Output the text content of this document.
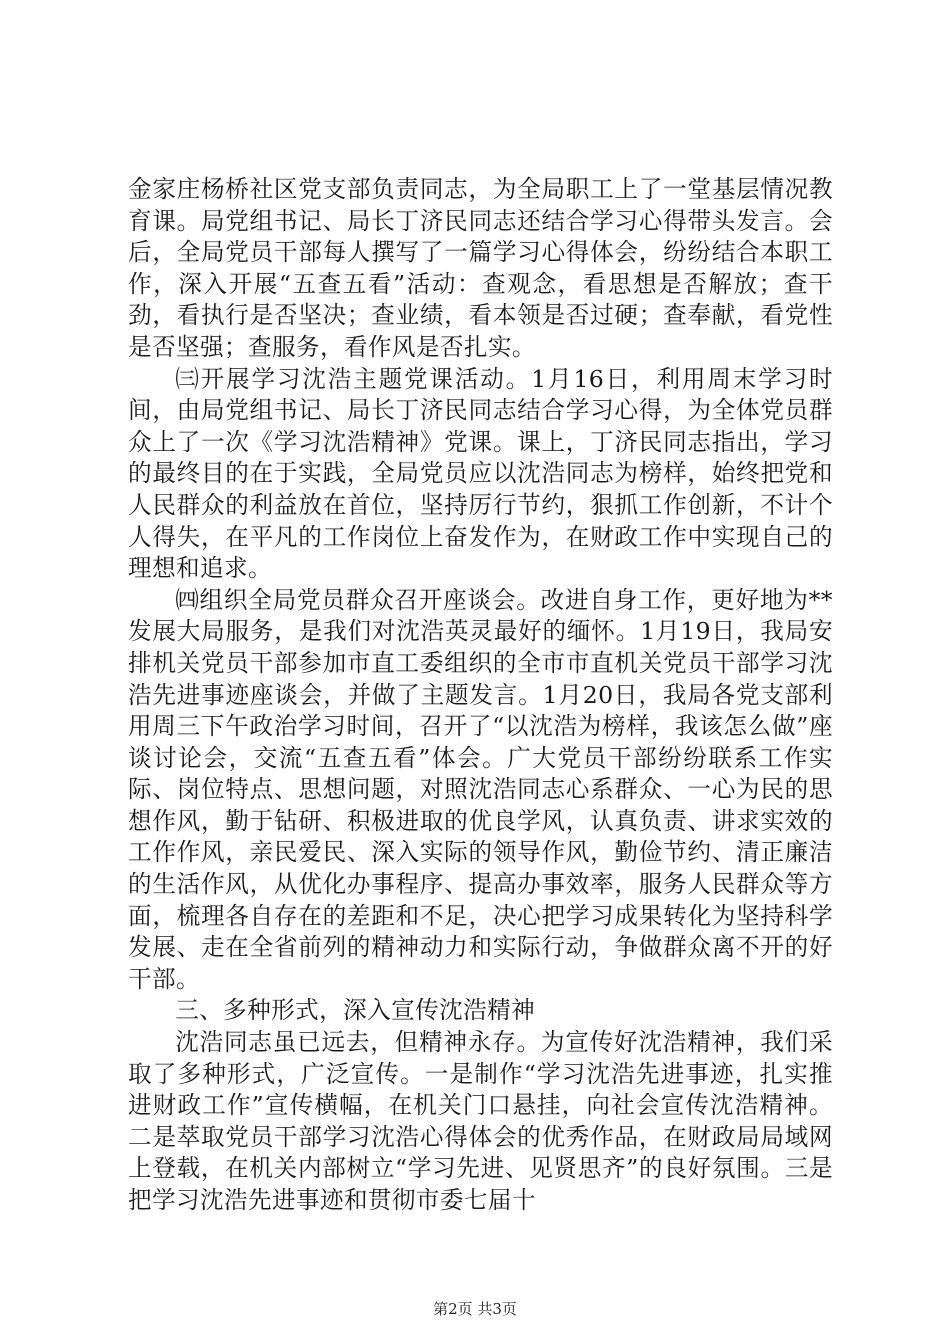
金家庄杨桥社区党支部负责同志，为全局职工上了一堂基层情况教育课。局党组书记、局长丁济民同志还结合学习心得带头发言。会后，全局党员干部每人撰写了一篇学习心得体会，纷纷结合本职工作，深入开展“五查五看”活动：查观念，看思想是否解放；查干劲，看执行是否坚决；查业绩，看本领是否过硬；查奉献，看党性是否坚强；查服务，看作风是否扎实。

㈢开展学习沈浩主题党课活动。1月16日，利用周末学习时间，由局党组书记、局长丁济民同志结合学习心得，为全体党员群众上了一次《学习沈浩精神》党课。课上，丁济民同志指出，学习的最终目的在于实践，全局党员应以沈浩同志为榜样，始终把党和人民群众的利益放在首位，坚持厉行节约，狠抓工作创新，不计个人得失，在平凡的工作岗位上奋发作为，在财政工作中实现自己的理想和追求。

㈣组织全局党员群众召开座谈会。改进自身工作，更好地为**发展大局服务，是我们对沈浩英灵最好的缅怀。1月19日，我局安排机关党员干部参加市直工委组织的全市市直机关党员干部学习沈浩先进事迹座谈会，并做了主题发言。1月20日，我局各党支部利用周三下午政治学习时间，召开了“以沈浩为榜样，我该怎么做”座谈讨论会，交流“五查五看”体会。广大党员干部纷纷联系工作实际、岗位特点、思想问题，对照沈浩同志心系群众、一心为民的思想作风，勤于钻研、积极进取的优良学风，认真负责、讲求实效的工作作风，亲民爱民、深入实际的领导作风，勤俭节约、清正廉洁的生活作风，从优化办事程序、提高办事效率，服务人民群众等方面，梳理各自存在的差距和不足，决心把学习成果转化为坚持科学发展、走在全省前列的精神动力和实际行动，争做群众离不开的好干部。

三、多种形式，深入宣传沈浩精神

沈浩同志虽已远去，但精神永存。为宣传好沈浩精神，我们采取了多种形式，广泛宣传。一是制作“学习沈浩先进事迹，扎实推进财政工作”宣传横幅，在机关门口悬挂，向社会宣传沈浩精神。二是萃取党员干部学习沈浩心得体会的优秀作品，在财政局局域网上登载，在机关内部树立“学习先进、见贤思齐”的良好氛围。三是把学习沈浩先进事迹和贯彻市委七届十

第2页 共3页
